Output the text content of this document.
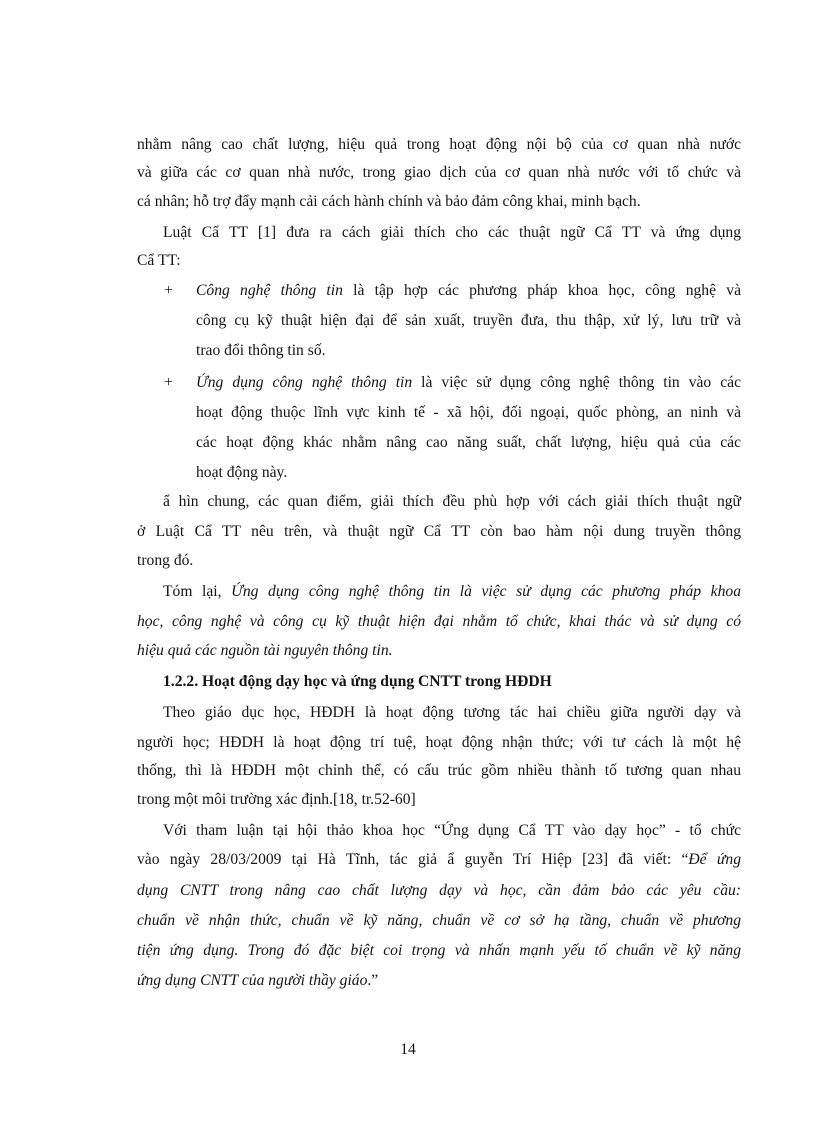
nhằm nâng cao chất lượng, hiệu quả trong hoạt động nội bộ của cơ quan nhà nước
và giữa các cơ quan nhà nước, trong giao dịch của cơ quan nhà nước với tổ chức và
cá nhân; hỗ trợ đẩy mạnh cải cách hành chính và bảo đảm công khai, minh bạch.
Luật Cẩ TT [1] đưa ra cách giải thích cho các thuật ngữ Cẩ TT và ứng dụng
Cẩ TT:
+ Công nghệ thông tin là tập hợp các phương pháp khoa học, công nghệ và
công cụ kỹ thuật hiện đại để sản xuất, truyền đưa, thu thập, xử lý, lưu trữ và
trao đổi thông tin số.
+ Ứng dụng công nghệ thông tin là việc sử dụng công nghệ thông tin vào các
hoạt động thuộc lĩnh vực kinh tế - xã hội, đối ngoại, quốc phòng, an ninh và
các hoạt động khác nhằm nâng cao năng suất, chất lượng, hiệu quả của các
hoạt động này.
ẩ hìn chung, các quan điểm, giải thích đều phù hợp với cách giải thích thuật ngữ
ở Luật Cẩ TT nêu trên, và thuật ngữ Cẩ TT còn bao hàm nội dung truyền thông
trong đó.
Tóm lại, Ứng dụng công nghệ thông tin là việc sử dụng các phương pháp khoa
học, công nghệ và công cụ kỹ thuật hiện đại nhằm tổ chức, khai thác và sử dụng có
hiệu quả các nguồn tài nguyên thông tin.
1.2.2. Hoạt động dạy học và ứng dụng CNTT trong HĐDH
Theo giáo dục học, HĐDH là hoạt động tương tác hai chiều giữa người dạy và
người học; HĐDH là hoạt động trí tuệ, hoạt động nhận thức; với tư cách là một hệ
thống, thì là HĐDH một chỉnh thể, có cấu trúc gồm nhiều thành tố tương quan nhau
trong một môi trường xác định.[18, tr.52-60]
Với tham luận tại hội thảo khoa học “Ứng dụng Cẩ TT vào dạy học” - tổ chức
vào ngày 28/03/2009 tại Hà Tĩnh, tác giả ẩ guyễn Trí Hiệp [23] đã viết: “Để ứng
dụng CNTT trong nâng cao chất lượng dạy và học, cần đảm bảo các yêu cầu:
chuẩn về nhận thức, chuẩn về kỹ năng, chuẩn về cơ sở hạ tầng, chuẩn về phương
tiện ứng dụng. Trong đó đặc biệt coi trọng và nhấn mạnh yếu tố chuẩn về kỹ năng
ứng dụng CNTT của người thầy giáo.”
14
